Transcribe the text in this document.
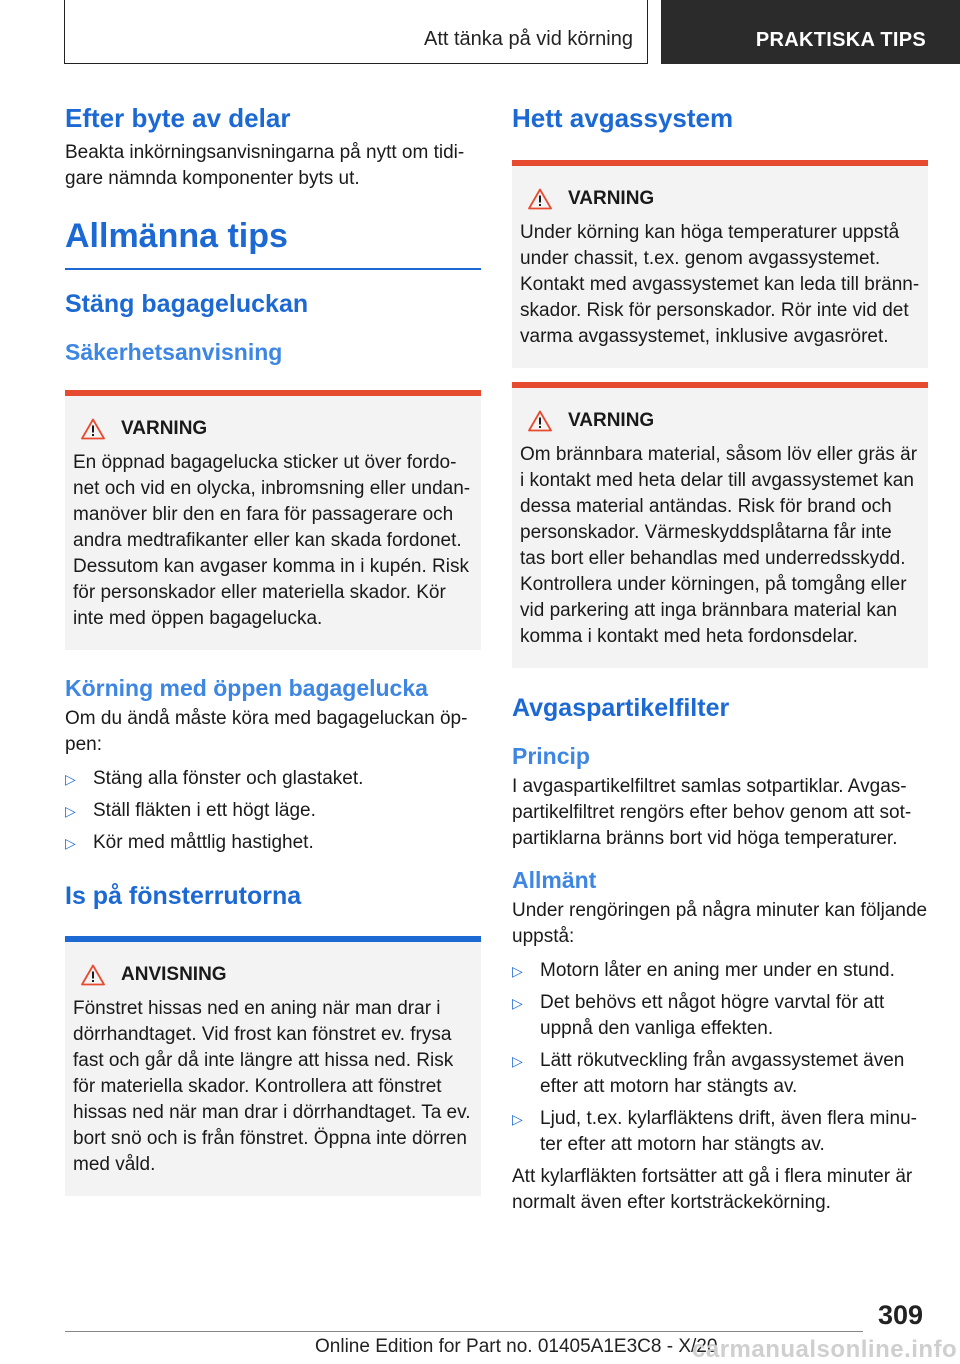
Att tänka på vid körning	PRAKTISKA TIPS
Efter byte av delar

Beakta inkörningsanvisningarna på nytt om tidigare nämnda komponenter byts ut.

Allmänna tips
Stäng bagageluckan
Säkerhetsanvisning
VARNING
En öppnad bagagelucka sticker ut över fordonet och vid en olycka, inbromsning eller undanmanöver blir den en fara för passagerare och andra medtrafikanter eller kan skada fordonet. Dessutom kan avgaser komma in i kupén. Risk för personskador eller materiella skador. Kör inte med öppen bagagelucka.
Körning med öppen bagagelucka

Om du ändå måste köra med bagageluckan öppen:

▷ Stäng alla fönster och glastaket.
▷ Ställ fläkten i ett högt läge.
▷ Kör med måttlig hastighet.
Is på fönsterrutorna
ANVISNING
Fönstret hissas ned en aning när man drar i dörrhandtaget. Vid frost kan fönstret ev. frysa fast och går då inte längre att hissa ned. Risk för materiella skador. Kontrollera att fönstret hissas ned när man drar i dörrhandtaget. Ta ev. bort snö och is från fönstret. Öppna inte dörren med våld.
Hett avgassystem
VARNING
Under körning kan höga temperaturer uppstå under chassit, t.ex. genom avgassystemet. Kontakt med avgassystemet kan leda till brännskador. Risk för personskador. Rör inte vid det varma avgassystemet, inklusive avgasröret.
VARNING
Om brännbara material, såsom löv eller gräs är i kontakt med heta delar till avgassystemet kan dessa material antändas. Risk för brand och personskador. Värmeskyddsplåtarna får inte tas bort eller behandlas med underredsskydd. Kontrollera under körningen, på tomgång eller vid parkering att inga brännbara material kan komma i kontakt med heta fordonsdelar.
Avgaspartikelfilter
Princip

I avgaspartikelfiltret samlas sotpartiklar. Avgaspartikelfiltret rengörs efter behov genom att sotpartiklarna bränns bort vid höga temperaturer.

Allmänt

Under rengöringen på några minuter kan följande uppstå:

▷ Motorn låter en aning mer under en stund.
▷ Det behövs ett något högre varvtal för att uppnå den vanliga effekten.
▷ Lätt rökutveckling från avgassystemet även efter att motorn har stängts av.
▷ Ljud, t.ex. kylarfläktens drift, även flera minuter efter att motorn har stängts av.

Att kylarfläkten fortsätter att gå i flera minuter är normalt även efter kortsträckekörning.

309
Online Edition for Part no. 01405A1E3C8 - X/20
carmanualsonline.info
